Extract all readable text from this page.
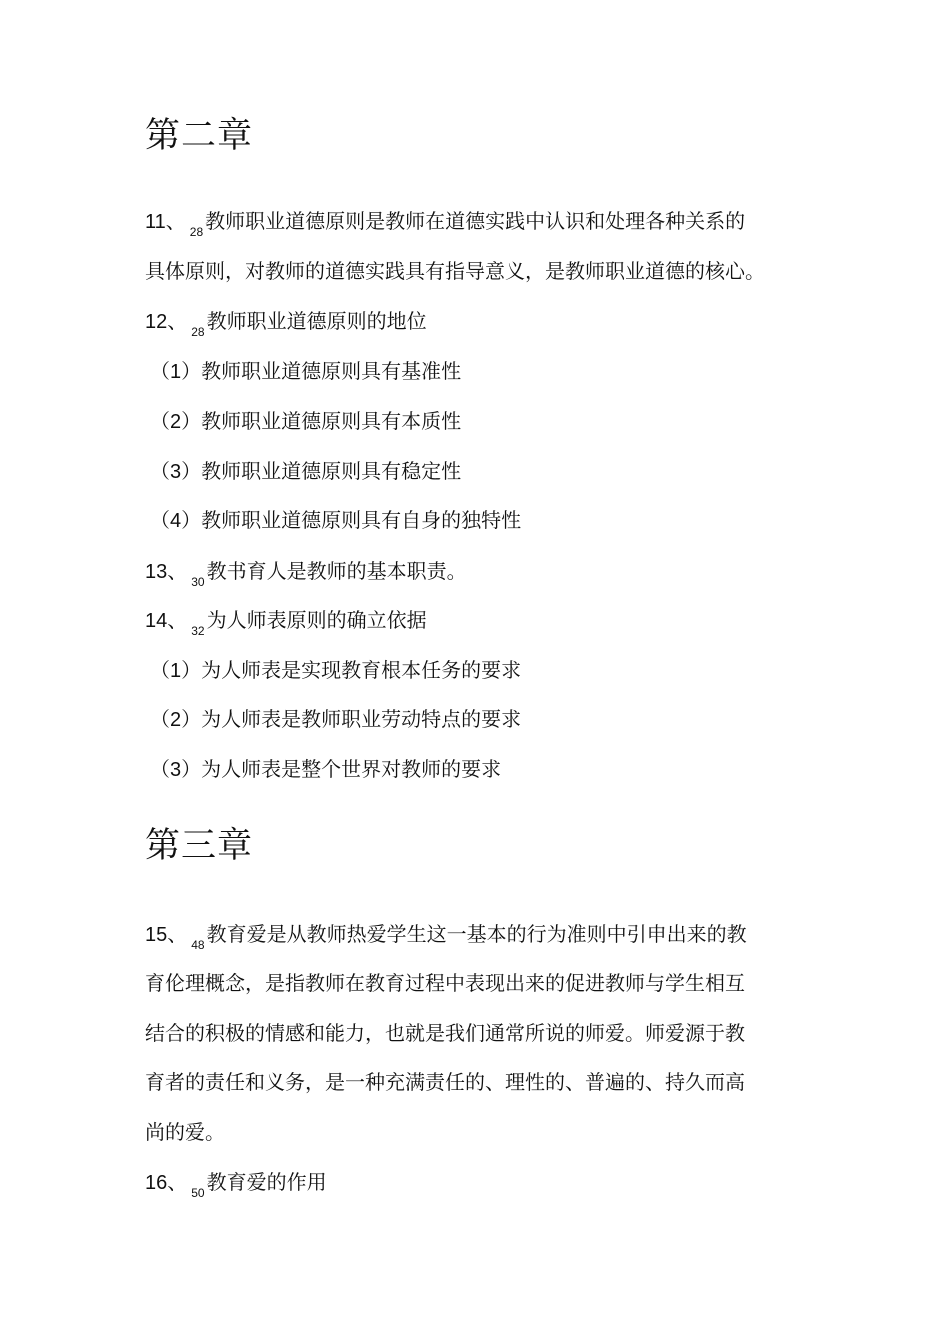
第二章
11、 $_{28}$ 教师职业道德原则是教师在道德实践中认识和处理各种关系的
具体原则，对教师的道德实践具有指导意义，是教师职业道德的核心。
12、 $_{28}$ 教师职业道德原则的地位
（1）教师职业道德原则具有基准性
（2）教师职业道德原则具有本质性
（3）教师职业道德原则具有稳定性
（4）教师职业道德原则具有自身的独特性
13、 $_{30}$ 教书育人是教师的基本职责。
14、 $_{32}$ 为人师表原则的确立依据
（1）为人师表是实现教育根本任务的要求
（2）为人师表是教师职业劳动特点的要求
（3）为人师表是整个世界对教师的要求
第三章
15、 $_{48}$ 教育爱是从教师热爱学生这一基本的行为准则中引申出来的教
育伦理概念，是指教师在教育过程中表现出来的促进教师与学生相互
结合的积极的情感和能力，也就是我们通常所说的师爱。师爱源于教
育者的责任和义务，是一种充满责任的、理性的、普遍的、持久而高
尚的爱。
16、 $_{50}$ 教育爱的作用
